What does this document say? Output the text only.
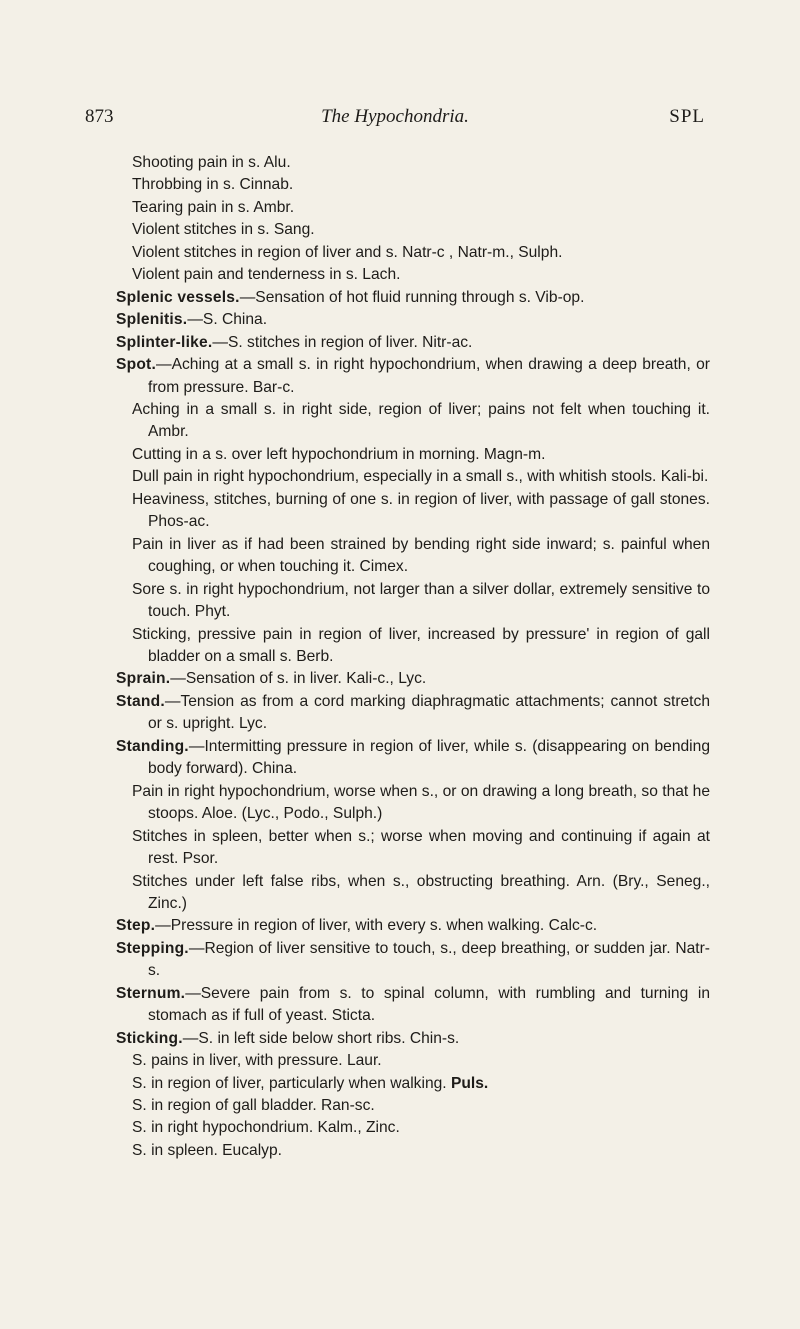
873	The Hypochondria.	SPL
Shooting pain in s. Alu.
Throbbing in s. Cinnab.
Tearing pain in s. Ambr.
Violent stitches in s. Sang.
Violent stitches in region of liver and s. Natr-c , Natr-m., Sulph.
Violent pain and tenderness in s. Lach.
Splenic vessels.—Sensation of hot fluid running through s. Vib-op.
Splenitis.—S. China.
Splinter-like.—S. stitches in region of liver. Nitr-ac.
Spot.—Aching at a small s. in right hypochondrium, when drawing a deep breath, or from pressure. Bar-c.
Aching in a small s. in right side, region of liver; pains not felt when touching it. Ambr.
Cutting in a s. over left hypochondrium in morning. Magn-m.
Dull pain in right hypochondrium, especially in a small s., with whitish stools. Kali-bi.
Heaviness, stitches, burning of one s. in region of liver, with passage of gall stones. Phos-ac.
Pain in liver as if had been strained by bending right side inward; s. painful when coughing, or when touching it. Cimex.
Sore s. in right hypochondrium, not larger than a silver dollar, extremely sensitive to touch. Phyt.
Sticking, pressive pain in region of liver, increased by pressure' in region of gall bladder on a small s. Berb.
Sprain.—Sensation of s. in liver. Kali-c., Lyc.
Stand.—Tension as from a cord marking diaphragmatic attachments; cannot stretch or s. upright. Lyc.
Standing.—Intermitting pressure in region of liver, while s. (disappearing on bending body forward). China.
Pain in right hypochondrium, worse when s., or on drawing a long breath, so that he stoops. Aloe. (Lyc., Podo., Sulph.)
Stitches in spleen, better when s.; worse when moving and continuing if again at rest. Psor.
Stitches under left false ribs, when s., obstructing breathing. Arn. (Bry., Seneg., Zinc.)
Step.—Pressure in region of liver, with every s. when walking. Calc-c.
Stepping.—Region of liver sensitive to touch, s., deep breathing, or sudden jar. Natr-s.
Sternum.—Severe pain from s. to spinal column, with rumbling and turning in stomach as if full of yeast. Sticta.
Sticking.—S. in left side below short ribs. Chin-s.
S. pains in liver, with pressure. Laur.
S. in region of liver, particularly when walking. Puls.
S. in region of gall bladder. Ran-sc.
S. in right hypochondrium. Kalm., Zinc.
S. in spleen. Eucalyp.
